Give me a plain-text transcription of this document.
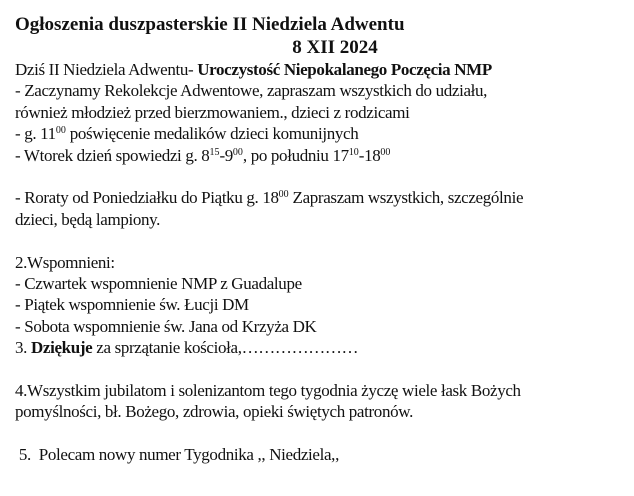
Ogłoszenia duszpasterskie II Niedziela Adwentu
8 XII 2024
Dziś II Niedziela Adwentu- Uroczystość Niepokalanego Poczęcia NMP
- Zaczynamy Rekolekcje Adwentowe, zapraszam wszystkich do udziału,
również młodzież przed bierzmowaniem., dzieci z rodzicami
- g. $11^{00}$ poświęcenie medalików dzieci komunijnych
- Wtorek dzień spowiedzi g. $8^{15}-9^{00}$, po południu $17^{10}-18^{00}$
- Roraty od Poniedziałku do Piątku g. $18^{00}$ Zapraszam wszystkich, szczególnie
dzieci, będą lampiony.
2.Wspomnieni:
- Czwartek wspomnienie NMP z Guadalupe
- Piątek wspomnienie św. Łucji DM
- Sobota wspomnienie św. Jana od Krzyża DK
3. Dziękuje za sprzątanie kościoła,…………………
4.Wszystkim jubilatom i solenizantom tego tygodnia życzę wiele łask Bożych
pomyślności, bł. Bożego, zdrowia, opieki świętych patronów.
5.  Polecam nowy numer Tygodnika ,, Niedziela,,
